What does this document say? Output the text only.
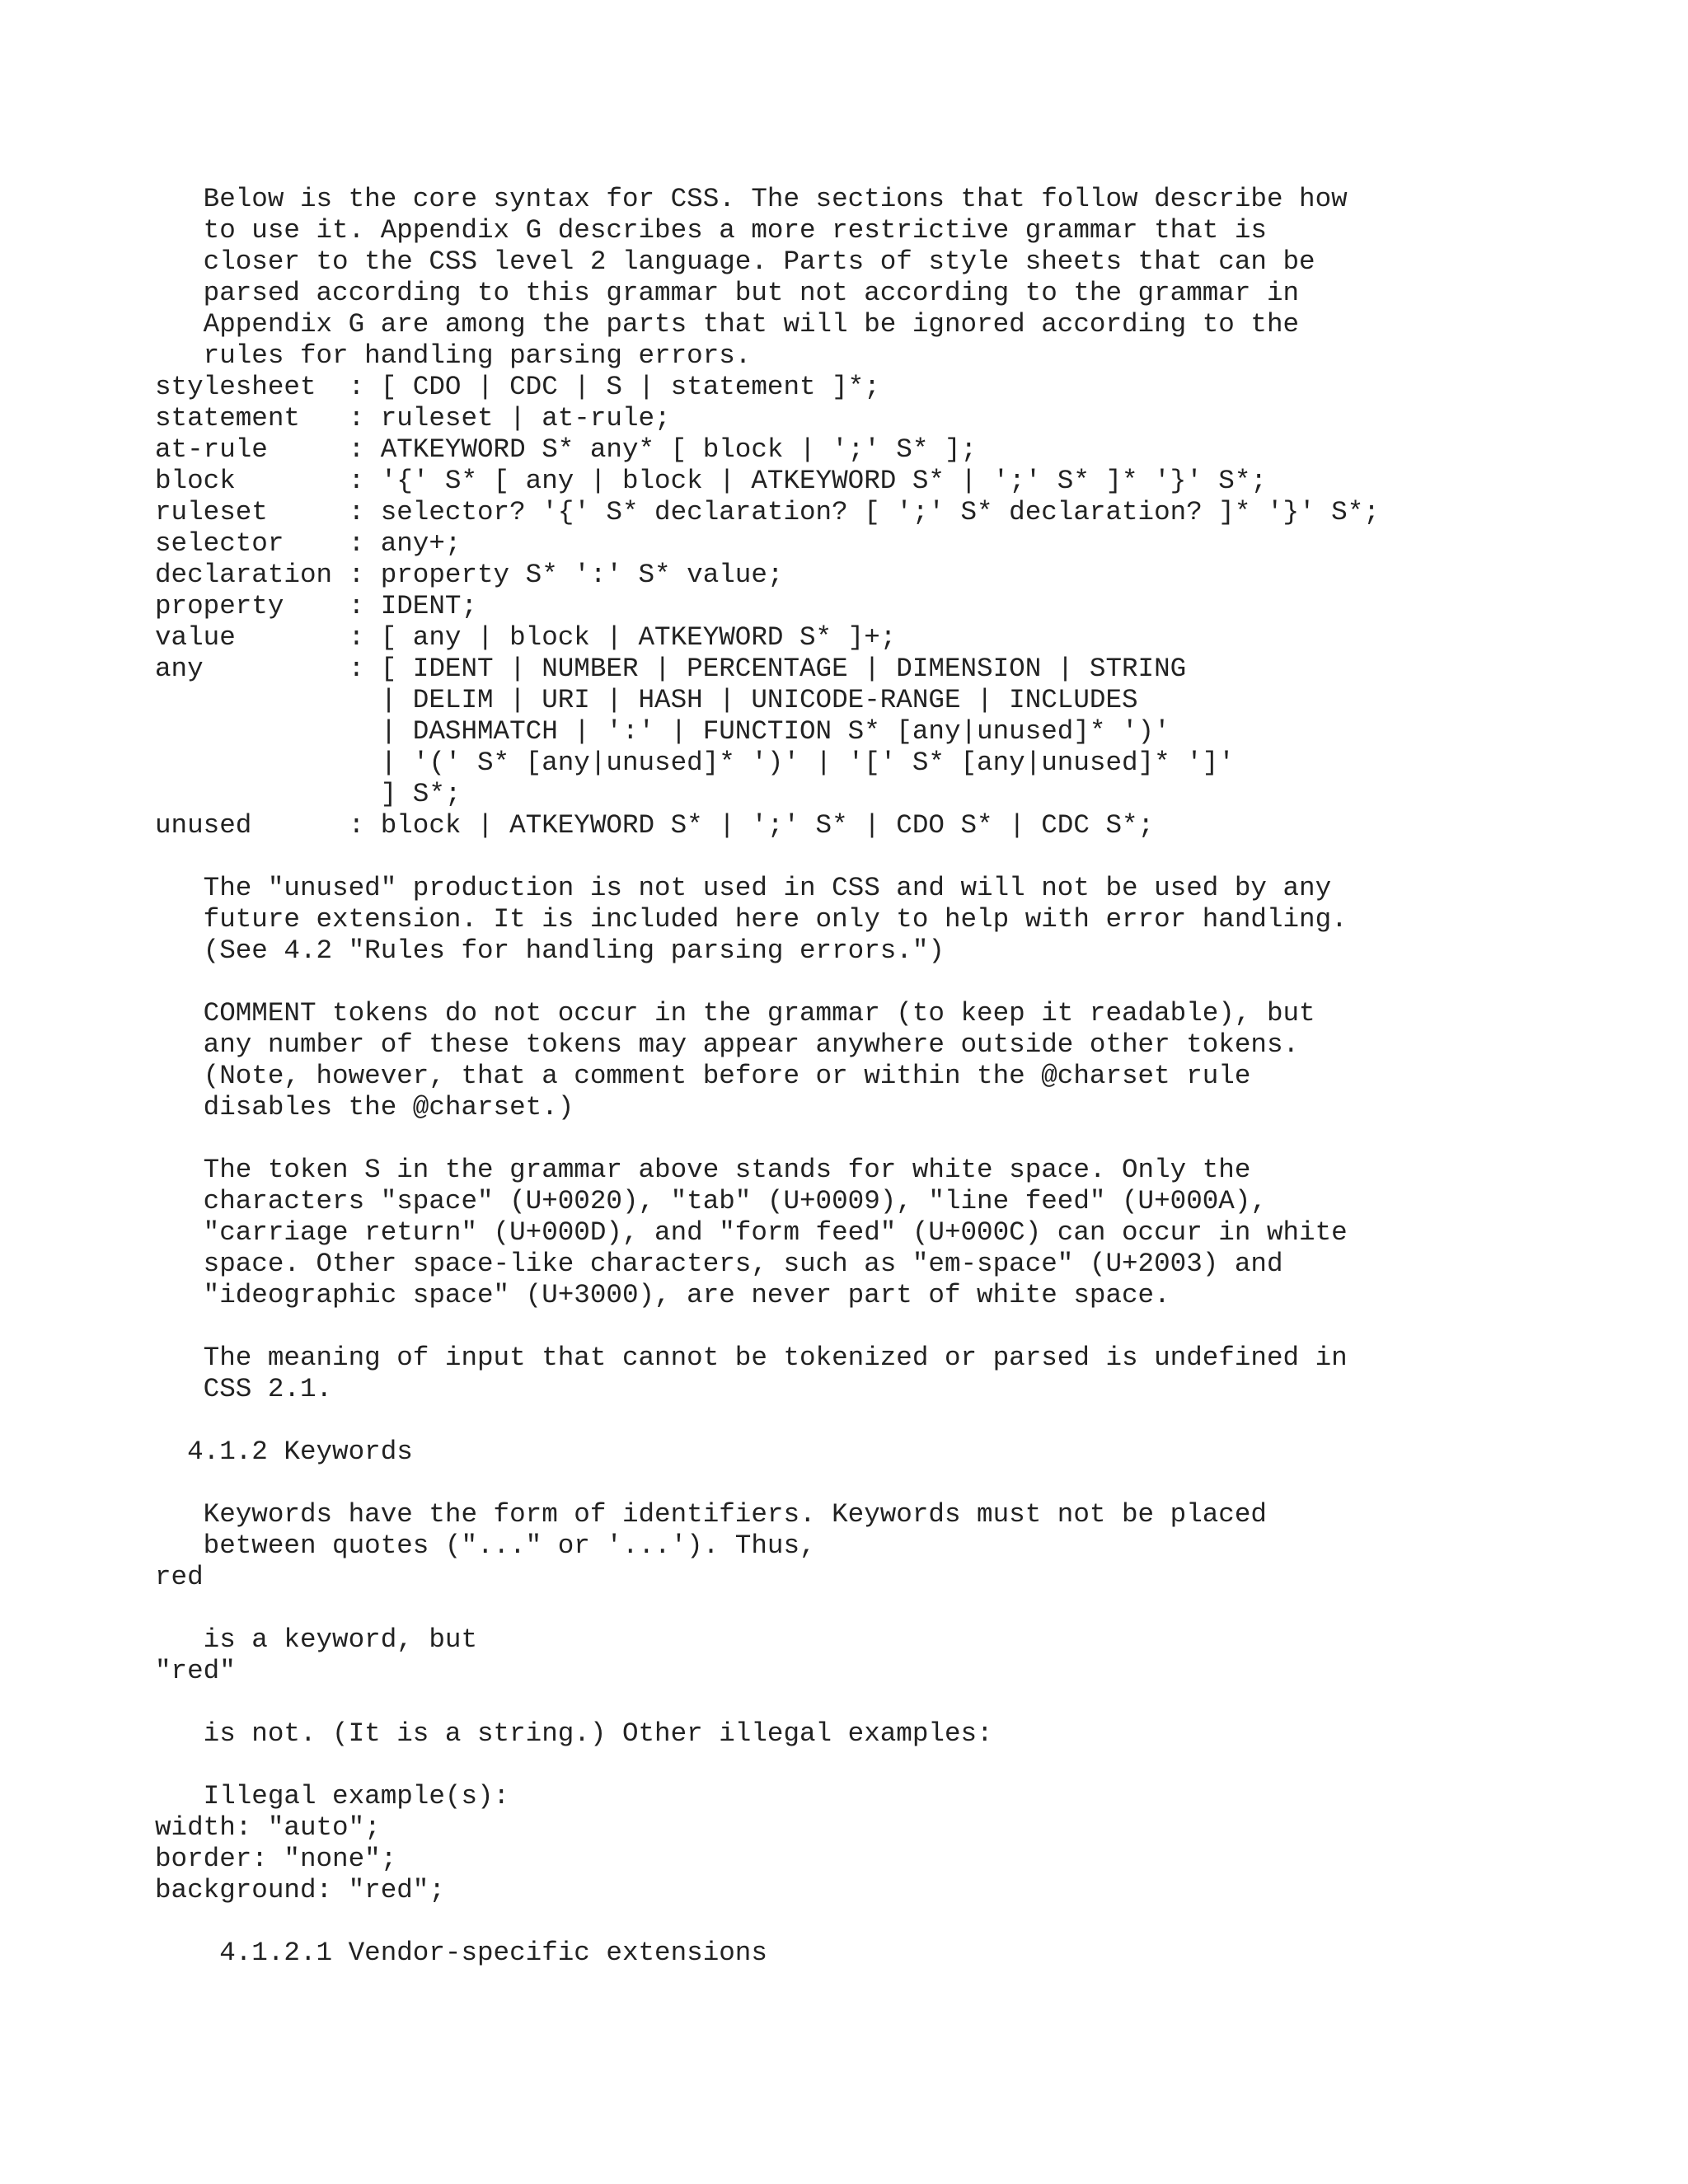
Below is the core syntax for CSS. The sections that follow describe how

to use it. Appendix G describes a more restrictive grammar that is

closer to the CSS level 2 language. Parts of style sheets that can be

parsed according to this grammar but not according to the grammar in

Appendix G are among the parts that will be ignored according to the

rules for handling parsing errors.

stylesheet  : [ CDO | CDC | S | statement ]*;

statement   : ruleset | at-rule;

at-rule     : ATKEYWORD S* any* [ block | ';' S* ];

block       : '{' S* [ any | block | ATKEYWORD S* | ';' S* ]* '}' S*;

ruleset     : selector? '{' S* declaration? [ ';' S* declaration? ]* '}' S*;

selector    : any+;

declaration : property S* ':' S* value;

property    : IDENT;

value       : [ any | block | ATKEYWORD S* ]+;

any         : [ IDENT | NUMBER | PERCENTAGE | DIMENSION | STRING

| DELIM | URI | HASH | UNICODE-RANGE | INCLUDES

| DASHMATCH | ':' | FUNCTION S* [any|unused]* ')'

| '(' S* [any|unused]* ')' | '[' S* [any|unused]* ']'

] S*;

unused      : block | ATKEYWORD S* | ';' S* | CDO S* | CDC S*;

The "unused" production is not used in CSS and will not be used by any

future extension. It is included here only to help with error handling.

(See 4.2 "Rules for handling parsing errors.")

COMMENT tokens do not occur in the grammar (to keep it readable), but

any number of these tokens may appear anywhere outside other tokens.

(Note, however, that a comment before or within the @charset rule

disables the @charset.)

The token S in the grammar above stands for white space. Only the

characters "space" (U+0020), "tab" (U+0009), "line feed" (U+000A),

"carriage return" (U+000D), and "form feed" (U+000C) can occur in white

space. Other space-like characters, such as "em-space" (U+2003) and

"ideographic space" (U+3000), are never part of white space.

The meaning of input that cannot be tokenized or parsed is undefined in

CSS 2.1.

4.1.2 Keywords

Keywords have the form of identifiers. Keywords must not be placed

between quotes ("..." or '...'). Thus,

red

is a keyword, but

"red"

is not. (It is a string.) Other illegal examples:

Illegal example(s):

width: "auto";

border: "none";

background: "red";

4.1.2.1 Vendor-specific extensions
